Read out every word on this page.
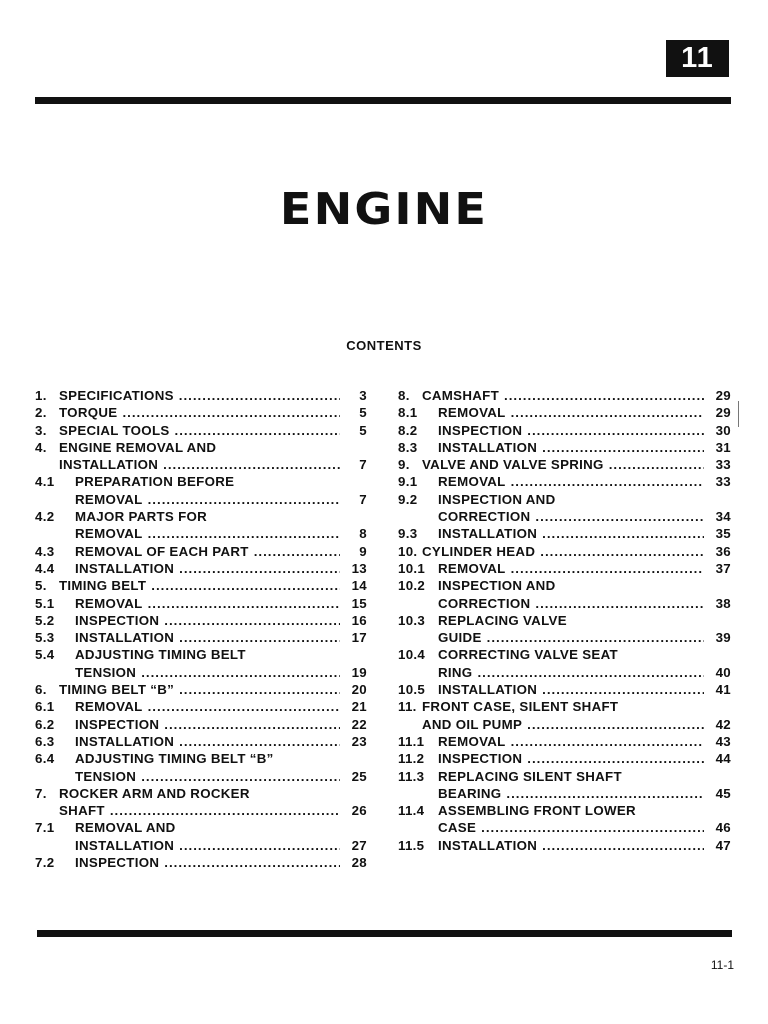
11
ENGINE
CONTENTS
1. SPECIFICATIONS .....	3
2. TORQUE .....	5
3. SPECIAL TOOLS .....	5
4. ENGINE REMOVAL AND
INSTALLATION .....	7
4.1	PREPARATION BEFORE
REMOVAL .....	7
4.2	MAJOR PARTS FOR
REMOVAL .....	8
4.3	REMOVAL OF EACH PART .....	9
4.4	INSTALLATION .....	13
5. TIMING BELT .....	14
5.1	REMOVAL .....	15
5.2	INSPECTION .....	16
5.3	INSTALLATION .....	17
5.4	ADJUSTING TIMING BELT
TENSION .....	19
6. TIMING BELT “B” .....	20
6.1	REMOVAL .....	21
6.2	INSPECTION .....	22
6.3	INSTALLATION .....	23
6.4	ADJUSTING TIMING BELT “B”
TENSION .....	25
7. ROCKER ARM AND ROCKER
SHAFT .....	26
7.1	REMOVAL AND
INSTALLATION .....	27
7.2	INSPECTION .....	28
8. CAMSHAFT .....	29
8.1	REMOVAL .....	29
8.2	INSPECTION .....	30
8.3	INSTALLATION .....	31
9. VALVE AND VALVE SPRING .....	33
9.1	REMOVAL .....	33
9.2	INSPECTION AND
CORRECTION .....	34
9.3	INSTALLATION .....	35
10. CYLINDER HEAD .....	36
10.1 REMOVAL .....	37
10.2 INSPECTION AND
CORRECTION .....	38
10.3 REPLACING VALVE
GUIDE .....	39
10.4 CORRECTING VALVE SEAT
RING .....	40
10.5 INSTALLATION .....	41
11. FRONT CASE, SILENT SHAFT
AND OIL PUMP .....	42
11.1	REMOVAL .....	43
11.2	INSPECTION .....	44
11.3	REPLACING SILENT SHAFT
BEARING .....	45
11.4	ASSEMBLING FRONT LOWER
CASE .....	46
11.5	INSTALLATION .....	47
11-1
